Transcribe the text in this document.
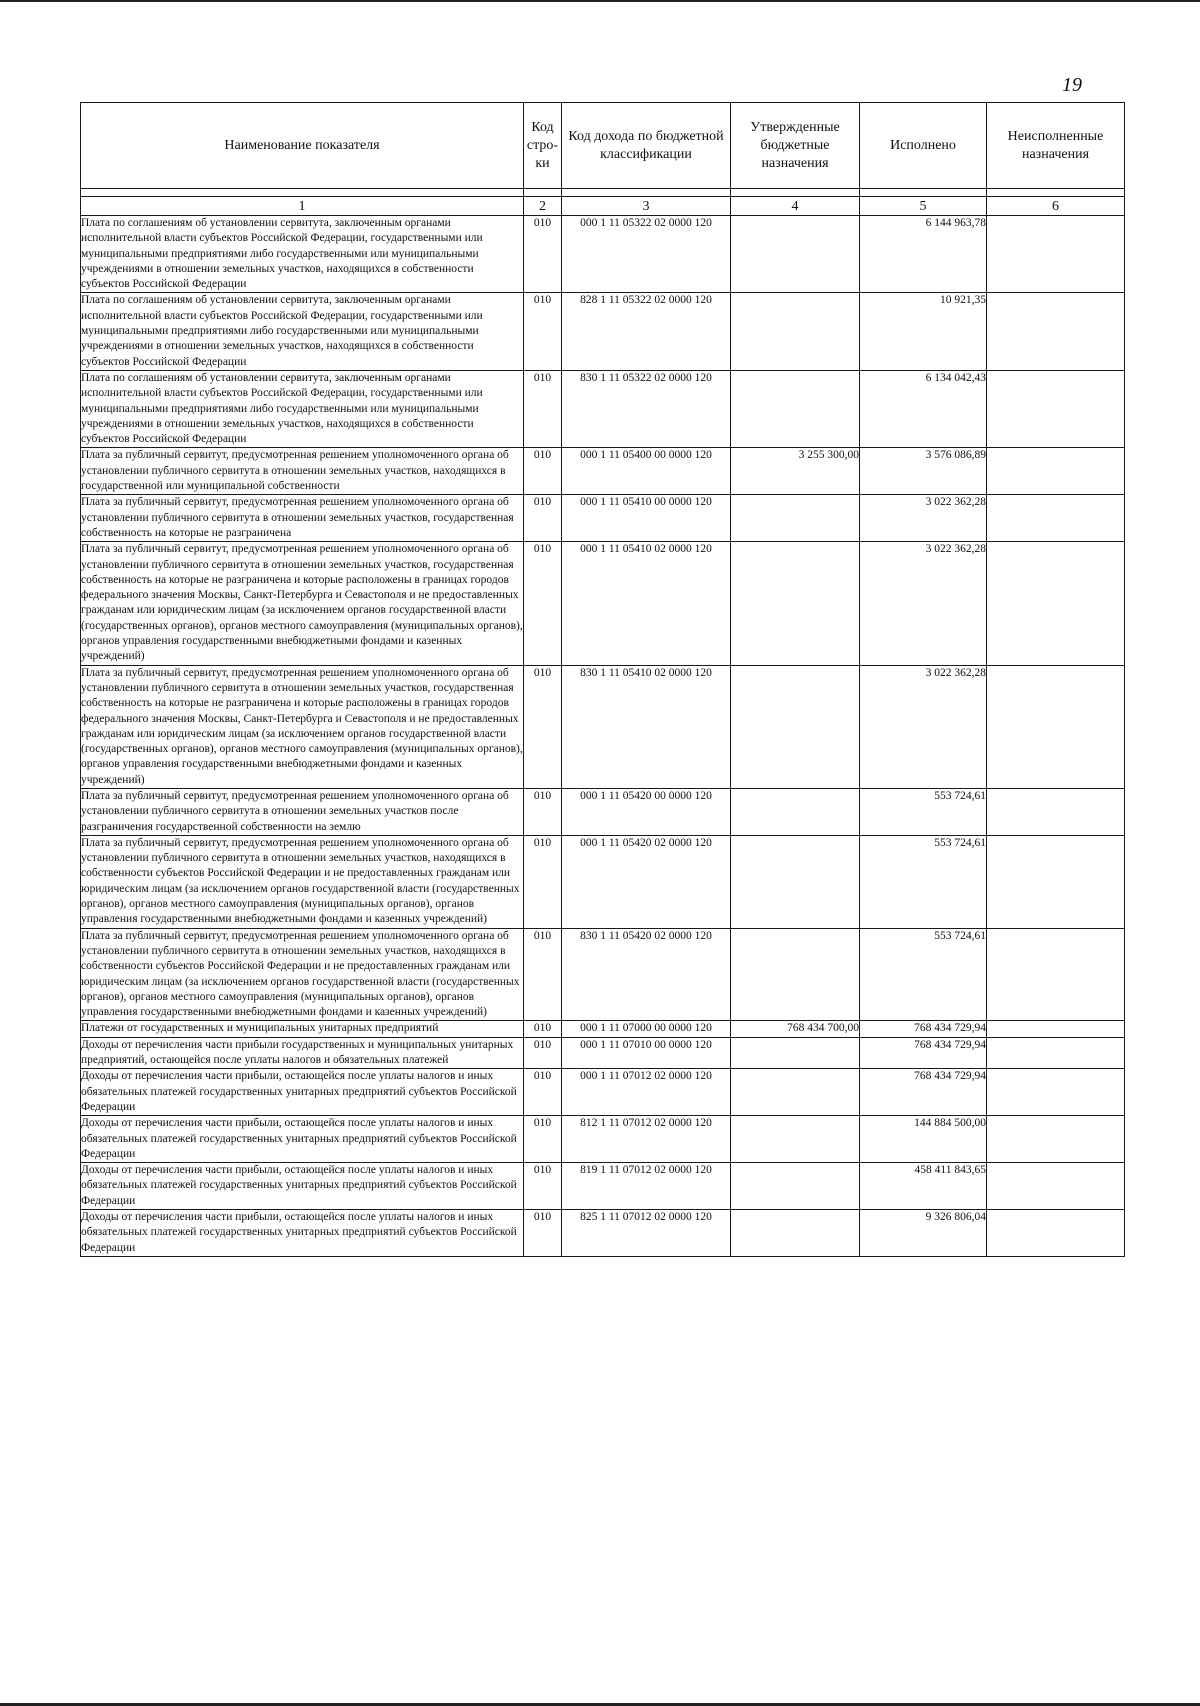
19
Наименование показателя	Код стро-ки	Код дохода по бюджетной классификации	Утвержденные бюджетные назначения	Исполнено	Неисполненные назначения

1	2	3	4	5	6
Плата по соглашениям об установлении сервитута, заключенным органами исполнительной власти субъектов Российской Федерации, государственными или муниципальными предприятиями либо государственными или муниципальными учреждениями в отношении земельных участков, находящихся в собственности субъектов Российской Федерации	010	000 1 11 05322 02 0000 120		6 144 963,78	
Плата по соглашениям об установлении сервитута, заключенным органами исполнительной власти субъектов Российской Федерации, государственными или муниципальными предприятиями либо государственными или муниципальными учреждениями в отношении земельных участков, находящихся в собственности субъектов Российской Федерации	010	828 1 11 05322 02 0000 120		10 921,35	
Плата по соглашениям об установлении сервитута, заключенным органами исполнительной власти субъектов Российской Федерации, государственными или муниципальными предприятиями либо государственными или муниципальными учреждениями в отношении земельных участков, находящихся в собственности субъектов Российской Федерации	010	830 1 11 05322 02 0000 120		6 134 042,43	
Плата за публичный сервитут, предусмотренная решением уполномоченного органа об установлении публичного сервитута в отношении земельных участков, находящихся в государственной или муниципальной собственности	010	000 1 11 05400 00 0000 120	3 255 300,00	3 576 086,89	
Плата за публичный сервитут, предусмотренная решением уполномоченного органа об установлении публичного сервитута в отношении земельных участков, государственная собственность на которые не разграничена	010	000 1 11 05410 00 0000 120		3 022 362,28	
Плата за публичный сервитут, предусмотренная решением уполномоченного органа об установлении публичного сервитута в отношении земельных участков, государственная собственность на которые не разграничена и которые расположены в границах городов федерального значения Москвы, Санкт-Петербурга и Севастополя и не предоставленных гражданам или юридическим лицам (за исключением органов государственной власти (государственных органов), органов местного самоуправления (муниципальных органов), органов управления государственными внебюджетными фондами и казенных учреждений)	010	000 1 11 05410 02 0000 120		3 022 362,28	
Плата за публичный сервитут, предусмотренная решением уполномоченного органа об установлении публичного сервитута в отношении земельных участков, государственная собственность на которые не разграничена и которые расположены в границах городов федерального значения Москвы, Санкт-Петербурга и Севастополя и не предоставленных гражданам или юридическим лицам (за исключением органов государственной власти (государственных органов), органов местного самоуправления (муниципальных органов), органов управления государственными внебюджетными фондами и казенных учреждений)	010	830 1 11 05410 02 0000 120		3 022 362,28	
Плата за публичный сервитут, предусмотренная решением уполномоченного органа об установлении публичного сервитута в отношении земельных участков после разграничения государственной собственности на землю	010	000 1 11 05420 00 0000 120		553 724,61	
Плата за публичный сервитут, предусмотренная решением уполномоченного органа об установлении публичного сервитута в отношении земельных участков, находящихся в собственности субъектов Российской Федерации и не предоставленных гражданам или юридическим лицам (за исключением органов государственной власти (государственных органов), органов местного самоуправления (муниципальных органов), органов управления государственными внебюджетными фондами и казенных учреждений)	010	000 1 11 05420 02 0000 120		553 724,61	
Плата за публичный сервитут, предусмотренная решением уполномоченного органа об установлении публичного сервитута в отношении земельных участков, находящихся в собственности субъектов Российской Федерации и не предоставленных гражданам или юридическим лицам (за исключением органов государственной власти (государственных органов), органов местного самоуправления (муниципальных органов), органов управления государственными внебюджетными фондами и казенных учреждений)	010	830 1 11 05420 02 0000 120		553 724,61	
Платежи от государственных и муниципальных унитарных предприятий	010	000 1 11 07000 00 0000 120	768 434 700,00	768 434 729,94	
Доходы от перечисления части прибыли государственных и муниципальных унитарных предприятий, остающейся после уплаты налогов и обязательных платежей	010	000 1 11 07010 00 0000 120		768 434 729,94	
Доходы от перечисления части прибыли, остающейся после уплаты налогов и иных обязательных платежей государственных унитарных предприятий субъектов Российской Федерации	010	000 1 11 07012 02 0000 120		768 434 729,94	
Доходы от перечисления части прибыли, остающейся после уплаты налогов и иных обязательных платежей государственных унитарных предприятий субъектов Российской Федерации	010	812 1 11 07012 02 0000 120		144 884 500,00	
Доходы от перечисления части прибыли, остающейся после уплаты налогов и иных обязательных платежей государственных унитарных предприятий субъектов Российской Федерации	010	819 1 11 07012 02 0000 120		458 411 843,65	
Доходы от перечисления части прибыли, остающейся после уплаты налогов и иных обязательных платежей государственных унитарных предприятий субъектов Российской Федерации	010	825 1 11 07012 02 0000 120		9 326 806,04	
